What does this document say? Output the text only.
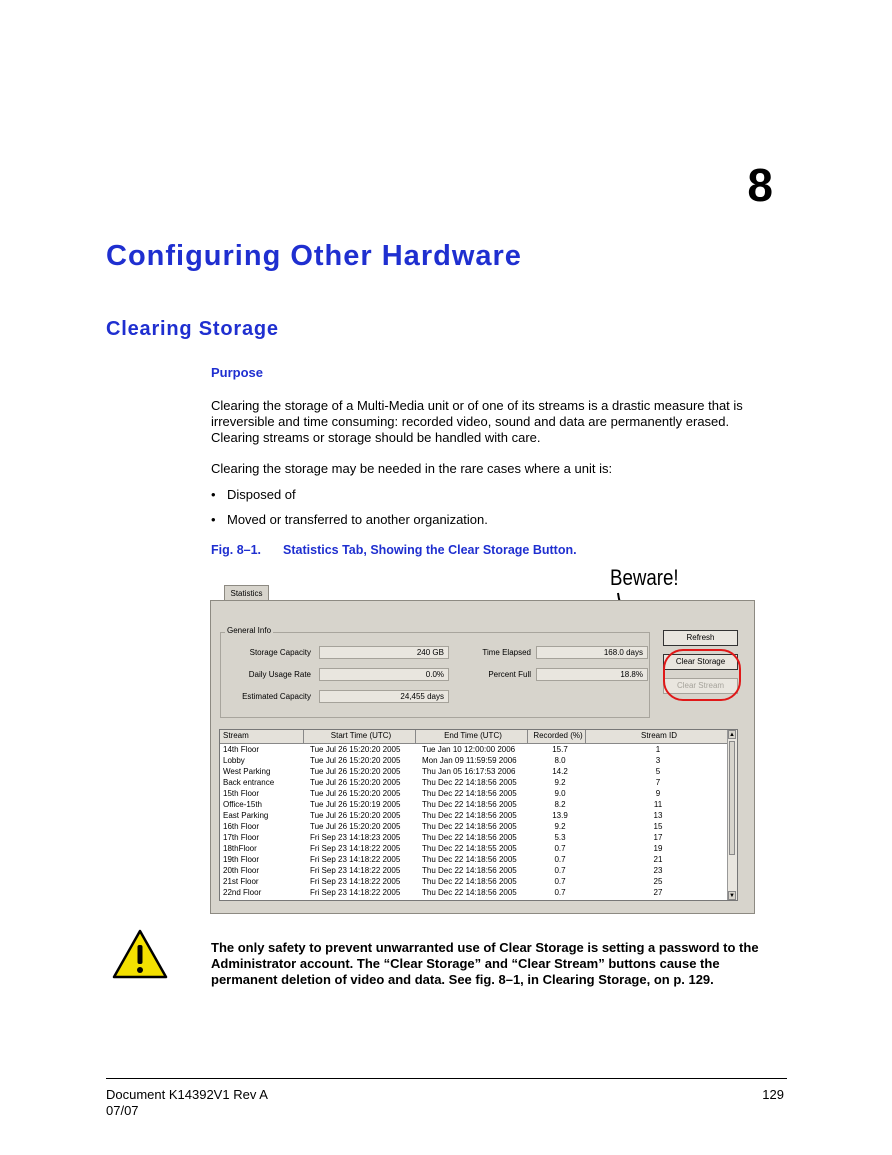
8
Configuring Other Hardware
Clearing Storage
Purpose
Clearing the storage of a Multi-Media unit or of one of its streams is a drastic measure that is irreversible and time consuming: recorded video, sound and data are permanently erased. Clearing streams or storage should be handled with care.
Clearing the storage may be needed in the rare cases where a unit is:
• Disposed of
• Moved or transferred to another organization.
Fig. 8–1. Statistics Tab, Showing the Clear Storage Button.
Beware!
Statistics
General Info
Storage Capacity	240 GB
Daily Usage Rate	0.0%
Estimated Capacity	24,455 days
Time Elapsed	168.0 days
Percent Full	18.8%
Refresh
Clear Storage
Clear Stream
Stream	Start Time (UTC)	End Time (UTC)	Recorded (%)	Stream ID
14th Floor	Tue Jul 26 15:20:20 2005	Tue Jan 10 12:00:00 2006	15.7	1
Lobby	Tue Jul 26 15:20:20 2005	Mon Jan 09 11:59:59 2006	8.0	3
West Parking	Tue Jul 26 15:20:20 2005	Thu Jan 05 16:17:53 2006	14.2	5
Back entrance	Tue Jul 26 15:20:20 2005	Thu Dec 22 14:18:56 2005	9.2	7
15th Floor	Tue Jul 26 15:20:20 2005	Thu Dec 22 14:18:56 2005	9.0	9
Office-15th	Tue Jul 26 15:20:19 2005	Thu Dec 22 14:18:56 2005	8.2	11
East Parking	Tue Jul 26 15:20:20 2005	Thu Dec 22 14:18:56 2005	13.9	13
16th Floor	Tue Jul 26 15:20:20 2005	Thu Dec 22 14:18:56 2005	9.2	15
17th Floor	Fri Sep 23 14:18:23 2005	Thu Dec 22 14:18:56 2005	5.3	17
18thFloor	Fri Sep 23 14:18:22 2005	Thu Dec 22 14:18:55 2005	0.7	19
19th Floor	Fri Sep 23 14:18:22 2005	Thu Dec 22 14:18:56 2005	0.7	21
20th Floor	Fri Sep 23 14:18:22 2005	Thu Dec 22 14:18:56 2005	0.7	23
21st Floor	Fri Sep 23 14:18:22 2005	Thu Dec 22 14:18:56 2005	0.7	25
22nd Floor	Fri Sep 23 14:18:22 2005	Thu Dec 22 14:18:56 2005	0.7	27
▲
▼
The only safety to prevent unwarranted use of Clear Storage is setting a password to the Administrator account. The “Clear Storage” and “Clear Stream” buttons cause the permanent deletion of video and data. See fig. 8–1, in Clearing Storage, on p. 129.
Document K14392V1 Rev A
07/07
129
